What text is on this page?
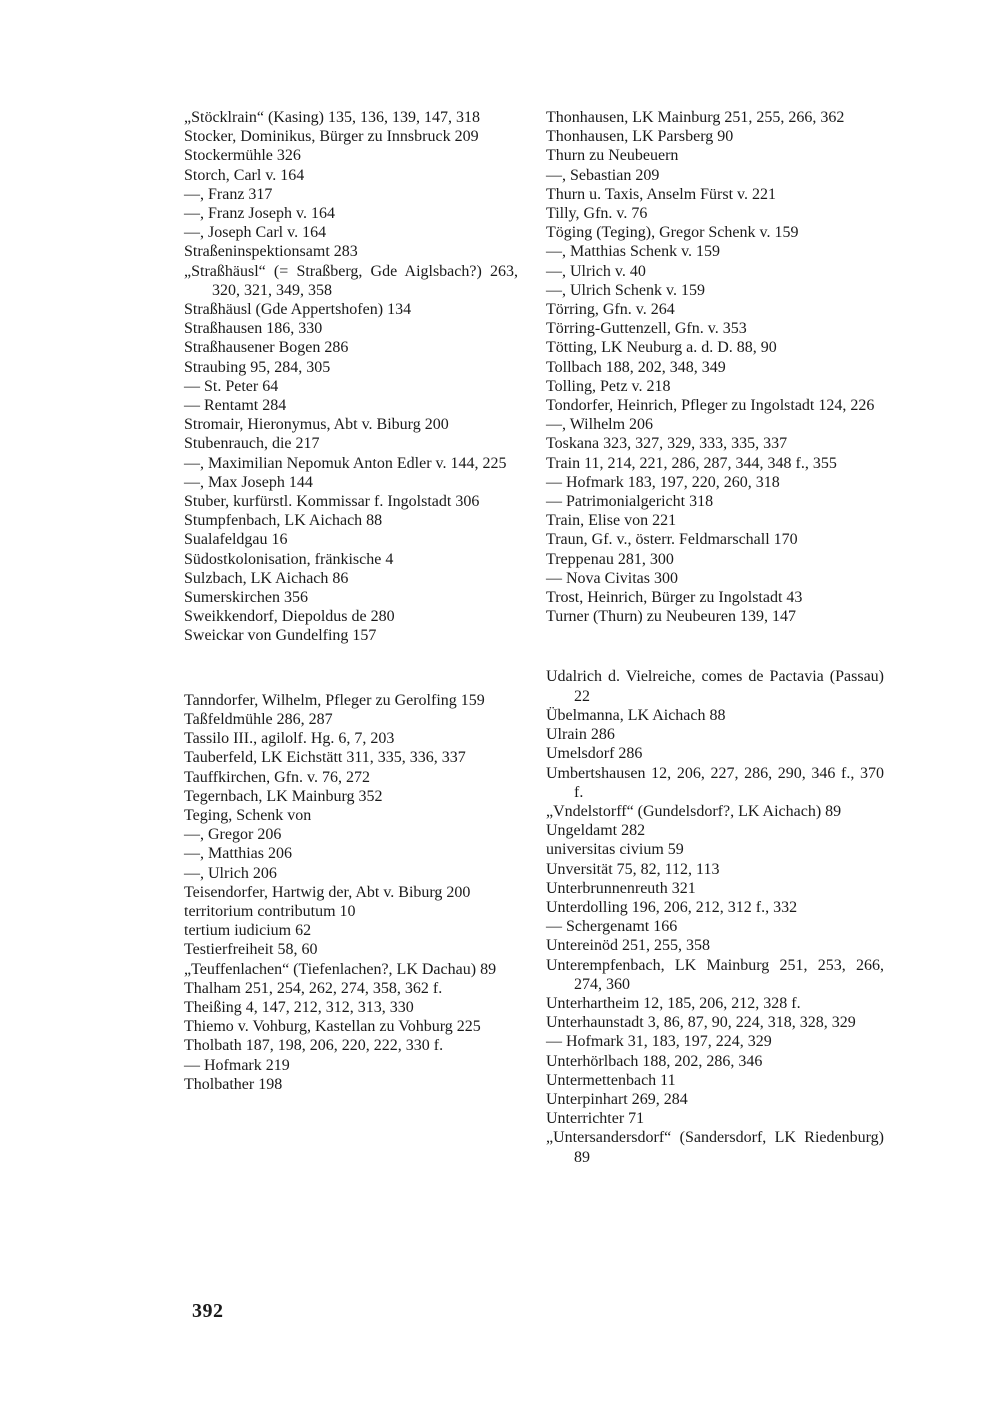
„Stöcklrain“ (Kasing) 135, 136, 139, 147, 318
Stocker, Dominikus, Bürger zu Innsbruck 209
Stockermühle 326
Storch, Carl v. 164
—, Franz 317
—, Franz Joseph v. 164
—, Joseph Carl v. 164
Straßeninspektionsamt 283
„Straßhäusl“ (= Straßberg, Gde Aiglsbach?) 263, 320, 321, 349, 358
Straßhäusl (Gde Appertshofen) 134
Straßhausen 186, 330
Straßhausener Bogen 286
Straubing 95, 284, 305
— St. Peter 64
— Rentamt 284
Stromair, Hieronymus, Abt v. Biburg 200
Stubenrauch, die 217
—, Maximilian Nepomuk Anton Edler v. 144, 225
—, Max Joseph 144
Stuber, kurfürstl. Kommissar f. Ingolstadt 306
Stumpfenbach, LK Aichach 88
Sualafeldgau 16
Südostkolonisation, fränkische 4
Sulzbach, LK Aichach 86
Sumerskirchen 356
Sweikkendorf, Diepoldus de 280
Sweickar von Gundelfing 157
Tanndorfer, Wilhelm, Pfleger zu Gerolfing 159
Taßfeldmühle 286, 287
Tassilo III., agilolf. Hg. 6, 7, 203
Tauberfeld, LK Eichstätt 311, 335, 336, 337
Tauffkirchen, Gfn. v. 76, 272
Tegernbach, LK Mainburg 352
Teging, Schenk von
—, Gregor 206
—, Matthias 206
—, Ulrich 206
Teisendorfer, Hartwig der, Abt v. Biburg 200
territorium contributum 10
tertium iudicium 62
Testierfreiheit 58, 60
„Teuffenlachen“ (Tiefenlachen?, LK Dachau) 89
Thalham 251, 254, 262, 274, 358, 362 f.
Theißing 4, 147, 212, 312, 313, 330
Thiemo v. Vohburg, Kastellan zu Vohburg 225
Tholbath 187, 198, 206, 220, 222, 330 f.
— Hofmark 219
Tholbather 198
Thonhausen, LK Mainburg 251, 255, 266, 362
Thonhausen, LK Parsberg 90
Thurn zu Neubeuern
—, Sebastian 209
Thurn u. Taxis, Anselm Fürst v. 221
Tilly, Gfn. v. 76
Töging (Teging), Gregor Schenk v. 159
—, Matthias Schenk v. 159
—, Ulrich v. 40
—, Ulrich Schenk v. 159
Törring, Gfn. v. 264
Törring-Guttenzell, Gfn. v. 353
Tötting, LK Neuburg a. d. D. 88, 90
Tollbach 188, 202, 348, 349
Tolling, Petz v. 218
Tondorfer, Heinrich, Pfleger zu Ingolstadt 124, 226
—, Wilhelm 206
Toskana 323, 327, 329, 333, 335, 337
Train 11, 214, 221, 286, 287, 344, 348 f., 355
— Hofmark 183, 197, 220, 260, 318
— Patrimonialgericht 318
Train, Elise von 221
Traun, Gf. v., österr. Feldmarschall 170
Treppenau 281, 300
— Nova Civitas 300
Trost, Heinrich, Bürger zu Ingolstadt 43
Turner (Thurn) zu Neubeuren 139, 147
Udalrich d. Vielreiche, comes de Pactavia (Passau) 22
Übelmanna, LK Aichach 88
Ulrain 286
Umelsdorf 286
Umbertshausen 12, 206, 227, 286, 290, 346 f., 370 f.
„Vndelstorff“ (Gundelsdorf?, LK Aichach) 89
Ungeldamt 282
universitas civium 59
Unversität 75, 82, 112, 113
Unterbrunnenreuth 321
Unterdolling 196, 206, 212, 312 f., 332
— Schergenamt 166
Untereinöd 251, 255, 358
Unterempfenbach, LK Mainburg 251, 253, 266, 274, 360
Unterhartheim 12, 185, 206, 212, 328 f.
Unterhaunstadt 3, 86, 87, 90, 224, 318, 328, 329
— Hofmark 31, 183, 197, 224, 329
Unterhörlbach 188, 202, 286, 346
Untermettenbach 11
Unterpinhart 269, 284
Unterrichter 71
„Untersandersdorf“ (Sandersdorf, LK Riedenburg) 89

392
